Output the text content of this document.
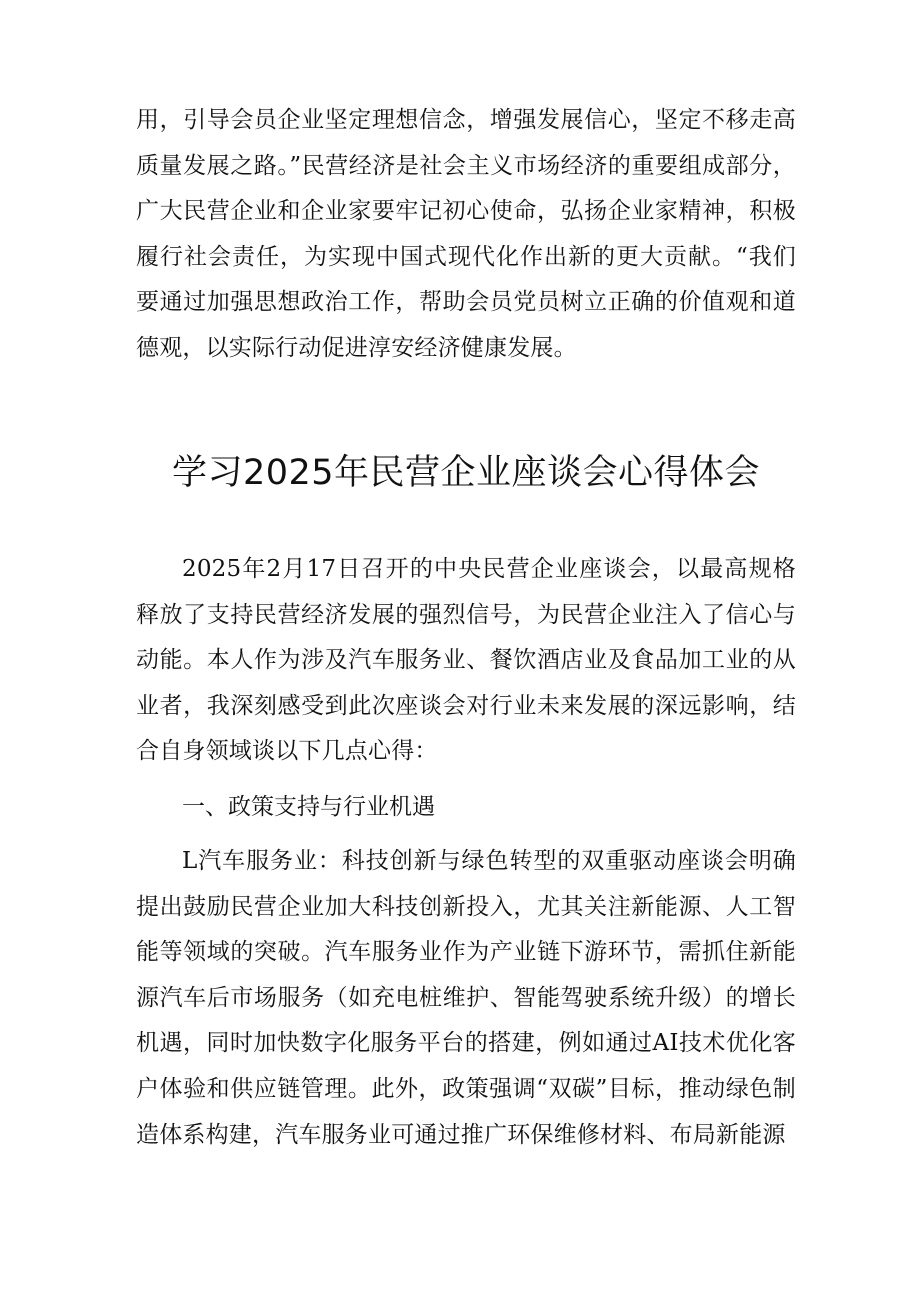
用，引导会员企业坚定理想信念，增强发展信心，坚定不移走高质量发展之路。”民营经济是社会主义市场经济的重要组成部分，广大民营企业和企业家要牢记初心使命，弘扬企业家精神，积极履行社会责任，为实现中国式现代化作出新的更大贡献。“我们要通过加强思想政治工作，帮助会员党员树立正确的价值观和道德观，以实际行动促进淳安经济健康发展。

学习2025年民营企业座谈会心得体会

2025年2月17日召开的中央民营企业座谈会，以最高规格释放了支持民营经济发展的强烈信号，为民营企业注入了信心与动能。本人作为涉及汽车服务业、餐饮酒店业及食品加工业的从业者，我深刻感受到此次座谈会对行业未来发展的深远影响，结合自身领域谈以下几点心得：

一、政策支持与行业机遇

L汽车服务业：科技创新与绿色转型的双重驱动座谈会明确提出鼓励民营企业加大科技创新投入，尤其关注新能源、人工智能等领域的突破。汽车服务业作为产业链下游环节，需抓住新能源汽车后市场服务（如充电桩维护、智能驾驶系统升级）的增长机遇，同时加快数字化服务平台的搭建，例如通过AI技术优化客户体验和供应链管理。此外，政策强调“双碳”目标，推动绿色制造体系构建，汽车服务业可通过推广环保维修材料、布局新能源
